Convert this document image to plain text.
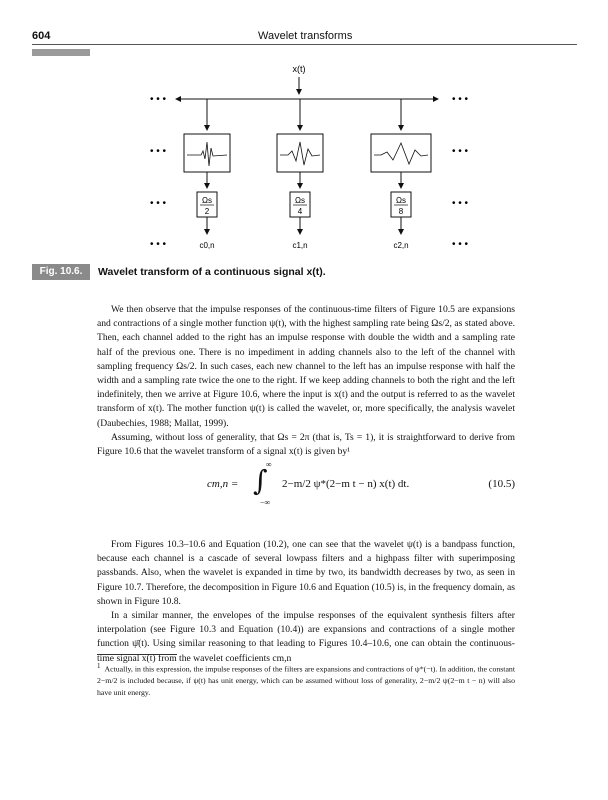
604	Wavelet transforms
x(t)
• • •	• • •
• • •	• • •
• • •	• • •
• • •	• • •
Ωs
2
c0,n
Ωs
4
c1,n
Ωs
8
c2,n
Fig. 10.6.	Wavelet transform of a continuous signal x(t).

We then observe that the impulse responses of the continuous-time filters of Figure 10.5 are expansions and contractions of a single mother function ψ(t), with the highest sampling rate being Ωs/2, as stated above. Then, each channel added to the right has an impulse response with double the width and a sampling rate half of the previous one. There is no impediment in adding channels also to the left of the channel with sampling frequency Ωs/2. In such cases, each new channel to the left has an impulse response with half the width and a sampling rate twice the one to the right. If we keep adding channels to both the right and the left indefinitely, then we arrive at Figure 10.6, where the input is x(t) and the output is referred to as the wavelet transform of x(t). The mother function ψ(t) is called the wavelet, or, more specifically, the analysis wavelet (Daubechies, 1988; Mallat, 1999).

Assuming, without loss of generality, that Ωs = 2π (that is, Ts = 1), it is straightforward to derive from Figure 10.6 that the wavelet transform of a signal x(t) is given by¹

cm,n = ∫
∞
−∞
2−m/2 ψ*(2−m t − n) x(t) dt.	(10.5)

From Figures 10.3–10.6 and Equation (10.2), one can see that the wavelet ψ(t) is a bandpass function, because each channel is a cascade of several lowpass filters and a highpass filter with superimposing passbands. Also, when the wavelet is expanded in time by two, its bandwidth decreases by two, as seen in Figure 10.7. Therefore, the decomposition in Figure 10.6 and Equation (10.5) is, in the frequency domain, as shown in Figure 10.8.

In a similar manner, the envelopes of the impulse responses of the equivalent synthesis filters after interpolation (see Figure 10.3 and Equation (10.4)) are expansions and contractions of a single mother function ψ̄(t). Using similar reasoning to that leading to Figures 10.4–10.6, one can obtain the continuous-time signal x(t) from the wavelet coefficients cm,n

1 Actually, in this expression, the impulse responses of the filters are expansions and contractions of ψ*(−t). In addition, the constant 2−m/2 is included because, if ψ(t) has unit energy, which can be assumed without loss of generality, 2−m/2 ψ(2−m t − n) will also have unit energy.
